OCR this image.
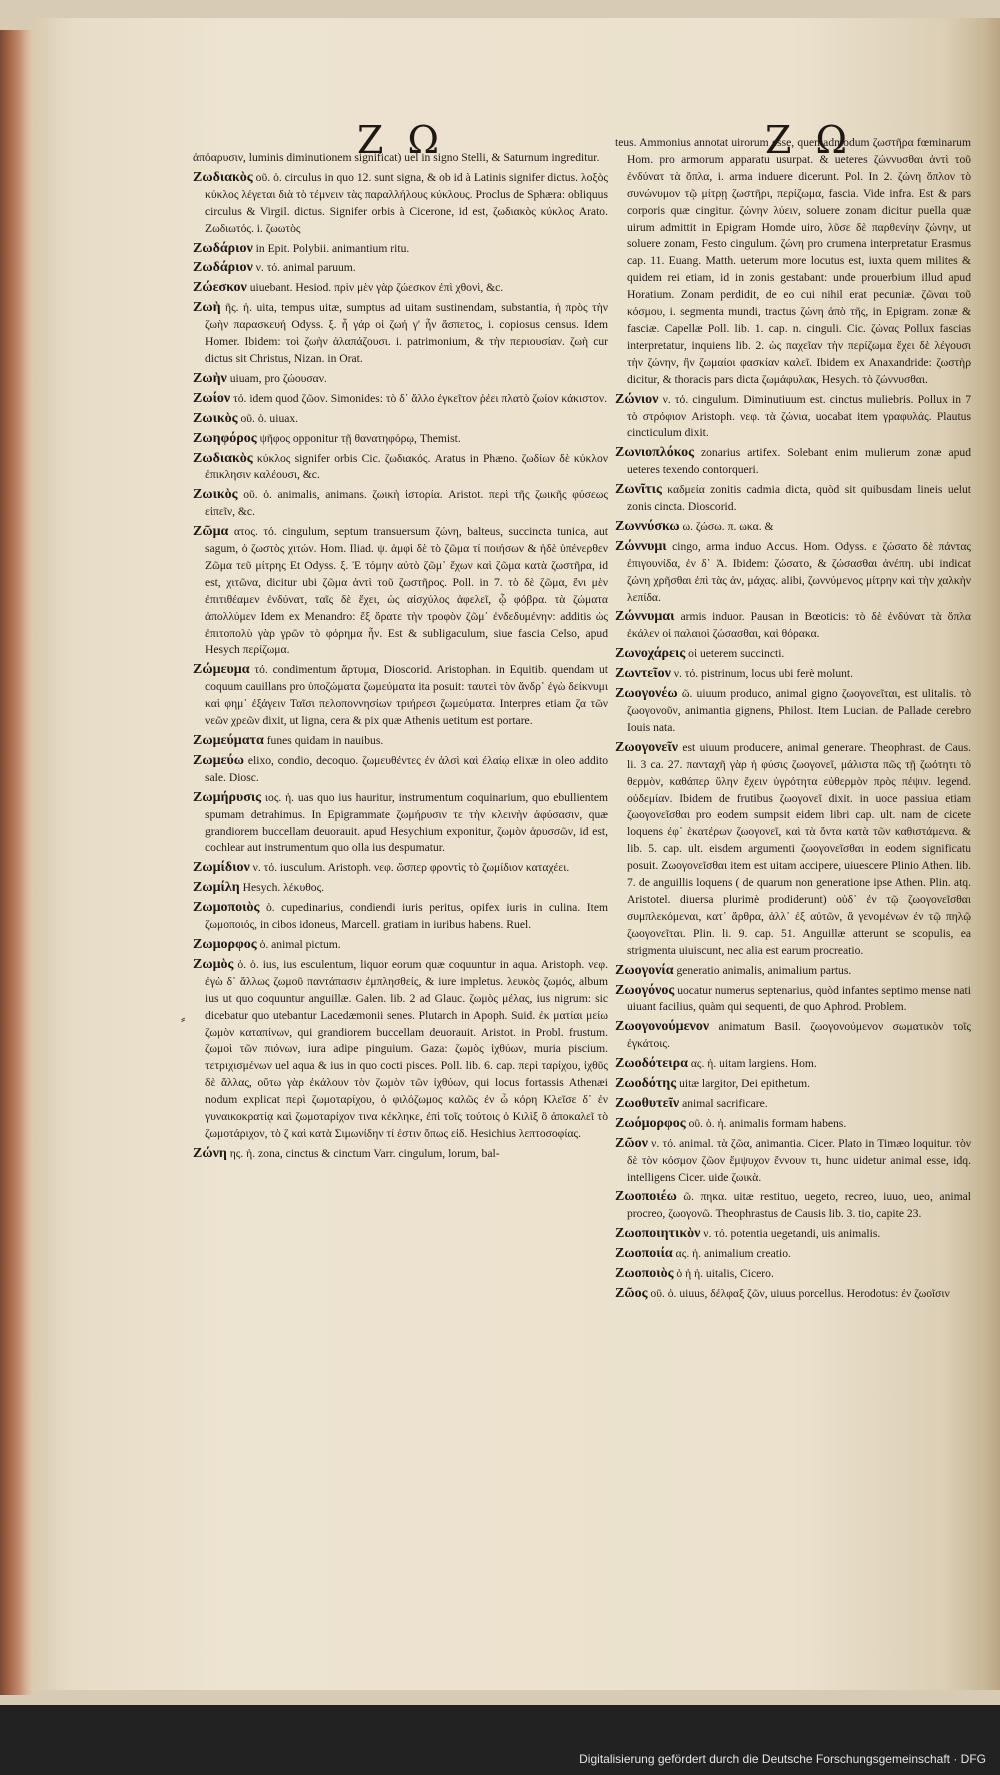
Z Ω	Z Ω
⸗
ἀπόαρυσιν, luminis diminutionem significat) uel in signo Stelli, & Saturnum ingreditur.
Ζωδιακὸς οῦ. ὁ. circulus in quo 12. sunt signa, & ob id à Latinis signifer dictus. λοξὸς κύκλος λέγεται διὰ τὸ τέμνειν τὰς παραλλήλους κύκλους. Proclus de Sphæra: obliquus circulus & Virgil. dictus. Signifer orbis à Cicerone, id est, ζωδιακὸς κύκλος Arato. Ζωδιωτός. i. ζωωτὸς
Ζωδάριον in Epit. Polybii. animantium ritu.
Ζωδάριον ν. τό. animal paruum.
Ζώεσκον uiuebant. Hesiod. πρὶν μὲν γὰρ ζώεσκον ἐπὶ χθονὶ, &c.
Ζωὴ ῆς. ἡ. uita, tempus uitæ, sumptus ad uitam sustinendam, substantia, ἡ πρὸς τὴν ζωὴν παρασκευή Odyss. ξ. ἦ γάρ οἱ ζωή γ' ἦν ἄσπετος, i. copiosus census. Idem Homer. Ibidem: τοὶ ζωὴν ἀλαπάζουσι. i. patrimonium, & τὴν περιουσίαν. ζωὴ cur dictus sit Christus, Nizan. in Orat.
Ζωὴν uiuam, pro ζώουσαν.
Ζωίον τό. idem quod ζῶον. Simonides: τὸ δ᾽ ἄλλο ἐγκεῖτον ῥέει πλατὸ ζωίον κάκιστον.
Ζωικὸς οῦ. ὁ. uiuax.
Ζωηφόρος ψῆφος opponitur τῇ θανατηφόρῳ, Themist.
Ζωδιακὸς κύκλος signifer orbis Cic. ζωδιακός. Aratus in Phæno. ζωδίων δὲ κύκλον ἐπικλησιν καλέουσι, &c.
Ζωικὸς οῦ. ὁ. animalis, animans. ζωικὴ ἱστορία. Aristot. περὶ τῆς ζωικῆς φύσεως εἰπεῖν, &c.
Ζῶμα ατος. τό. cingulum, septum transuersum ζώνη, balteus, succincta tunica, aut sagum, ὁ ζωστὸς χιτών. Hom. Iliad. ψ. ἀμφὶ δὲ τὸ ζῶμα τί ποιήσων & ἠδὲ ὑπένερθεν Ζῶμα τεῦ μίτρης Et Odyss. ξ. Ἐ τόμην αὐτὸ ζῶμ᾽ ἔχων καὶ ζῶμα κατὰ ζωστῆρα, id est, χιτῶνα, dicitur ubi ζῶμα ἀντὶ τοῦ ζωστῆρος. Poll. in 7. τὸ δὲ ζῶμα, ἔνι μὲν ἐπιτιθέαμεν ἐνδύνατ, ταῖς δὲ ἔχει, ὡς αἰσχύλος ἀφελεῖ, ᾧ φόβρα. τὰ ζώματα ἀπολλύμεν Idem ex Menandro: ἔξ ὅρατε τὴν τροφὸν ζῶμ᾽ ἐνδεδυμένην: additis ὡς ἐπιτοπολὺ γὰρ γρῶν τὸ φόρημα ἦν. Est & subligaculum, siue fascia Celso, apud Hesych περίζωμα.
Ζώμευμα τό. condimentum ἄρτυμα, Dioscorid. Aristophan. in Equitib. quendam ut coquum cauillans pro ὑποζώματα ζωμεύματα ita posuit: ταυτεὶ τὸν ἄνδρ᾽ ἐγὼ δείκνυμι καὶ φημ᾽ ἐξάγειν Ταῖσι πελοποννησίων τριήρεσι ζωμεύματα. Interpres etiam ζα τῶν νεῶν χρεῶν dixit, ut ligna, cera & pix quæ Athenis uetitum est portare.
Ζωμεύματα funes quidam in nauibus.
Ζωμεύω elixo, condio, decoquo. ζωμευθέντες ἐν ἁλσὶ καὶ ἐλαίῳ elixæ in oleo addito sale. Diosc.
Ζωμήρυσις ιος. ἡ. uas quo ius hauritur, instrumentum coquinarium, quo ebullientem spumam detrahimus. In Epigrammate ζωμήρυσιν τε τὴν κλεινὴν ἀφύσασιν, quæ grandiorem buccellam deuorauit. apud Hesychium exponitur, ζωμὸν ἀρυσσῶν, id est, cochlear aut instrumentum quo olla ius despumatur.
Ζωμίδιον ν. τό. iusculum. Aristoph. νεφ. ὥσπερ φροντὶς τὸ ζωμίδιον καταχέει.
Ζωμίλη Hesych. λέκυθος.
Ζωμοποιὸς ὁ. cupedinarius, condiendi iuris peritus, opifex iuris in culina. Item ζωμοποιός, in cibos idoneus, Marcell. gratiam in iuribus habens. Ruel.
Ζωμορφος ὁ. animal pictum.
Ζωμὸς ὁ. ὁ. ius, ius esculentum, liquor eorum quæ coquuntur in aqua. Aristoph. νεφ. ἐγὼ δ᾽ ἄλλως ζωμοῦ παντάπασιν ἐμπλησθείς, & iure impletus. λευκὸς ζωμός, album ius ut quo coquuntur anguillæ. Galen. lib. 2 ad Glauc. ζωμὸς μέλας, ius nigrum: sic dicebatur quo utebantur Lacedæmonii senes. Plutarch in Apoph. Suid. ἐκ ματίαι μείω ζωμὸν καταπίνων, qui grandiorem buccellam deuorauit. Aristot. in Probl. frustum. ζωμοὶ τῶν πιόνων, iura adipe pinguium. Gaza: ζωμὸς ἰχθύων, muria piscium. τετριχισμένων uel aqua & ius in quo cocti pisces. Poll. lib. 6. cap. περὶ ταρίχου, ἰχθῦς δὲ ἄλλας, οὕτω γὰρ ἐκάλουν τὸν ζωμὸν τῶν ἰχθύων, qui locus fortassis Athenæi nodum explicat περὶ ζωμοταρίχου, ὁ φιλόζωμος καλῶς ἐν ὦ κόρη Κλεῖσε δ᾽ ἐν γυναικοκρατίᾳ καὶ ζωμοταρίχον τινα κέκληκε, ἐπὶ τοῖς τούτοις ὁ Κιλὶξ ὃ ἀποκαλεῖ τὸ ζωμοτάριχον, τὸ ζ καὶ κατὰ Σιμωνίδην τί ἐστιν ὅπως εἰδ. Hesichius λεπτοσοφίας.
Ζώνη ης. ἡ. zona, cinctus & cinctum Varr. cingulum, lorum, bal-
teus. Ammonius annotat uirorum esse, quemadmodum ζωστῆρα fœminarum Hom. pro armorum apparatu usurpat. & ueteres ζώννυσθαι ἀντὶ τοῦ ἐνδύνατ τὰ ὅπλα, i. arma induere dicerunt. Pol. In 2. ζώνη ὅπλον τὸ συνώνυμον τῷ μίτρῃ ζωστῆρι, περίζωμα, fascia. Vide infra. Est & pars corporis quæ cingitur. ζώνην λύειν, soluere zonam dicitur puella quæ uirum admittit in Epigram Homde uiro, λῦσε δὲ παρθενίην ζώνην, ut soluere zonam, Festo cingulum. ζώνη pro crumena interpretatur Erasmus cap. 11. Euang. Matth. ueterum more locutus est, iuxta quem milites & quidem rei etiam, id in zonis gestabant: unde prouerbium illud apud Horatium. Zonam perdidit, de eo cui nihil erat pecuniæ. ζῶναι τοῦ κόσμου, i. segmenta mundi, tractus ζώνη ἀπὸ τῆς, in Epigram. zonæ & fasciæ. Capellæ Poll. lib. 1. cap. n. cinguli. Cic. ζώνας Pollux fascias interpretatur, inquiens lib. 2. ὡς παχεῖαν τὴν περίζωμα ἔχει δὲ λέγουσι τὴν ζώνην, ἢν ζωμαίοι φασκίαν καλεῖ. Ibidem ex Anaxandride: ζωστὴρ dicitur, & thoracis pars dicta ζωμάφυλακ, Hesych. τὸ ζώννυσθαι.
Ζώνιον ν. τό. cingulum. Diminutiuum est. cinctus muliebris. Pollux in 7 τὸ στρόφιον Aristoph. νεφ. τὰ ζώνια, uocabat item γραφυλάς. Plautus cincticulum dixit.
Ζωνιοπλόκος zonarius artifex. Solebant enim mulierum zonæ apud ueteres texendo contorqueri.
Ζωνῖτις καδμεία zonitis cadmia dicta, quòd sit quibusdam lineis uelut zonis cincta. Dioscorid.
Ζωννύσκω ω. ζώσω. π. ωκα. &
Ζώννυμι cingo, arma induo Accus. Hom. Odyss. ε ζώσατο δὲ πάντας ἐπιγουνίδα, ἐν δ᾽ Ἀ. Ibidem: ζώσατο, & ζώσασθαι ἀνέπη. ubi indicat ζώνη χρῆσθαι ἐπὶ τὰς ἀν, μάχας. alibi, ζωννύμενος μίτρην καὶ τὴν χαλκὴν λεπίδα.
Ζώννυμαι armis induor. Pausan in Bœoticis: τὸ δὲ ἐνδύνατ τὰ ὅπλα ἐκάλεν οἱ παλαιοὶ ζώσασθαι, καὶ θόρακα.
Ζωνοχάρεις οἱ ueterem succincti.
Ζωντεῖον ν. τό. pistrinum, locus ubi ferè molunt.
Ζωογονέω ῶ. uiuum produco, animal gigno ζωογονεῖται, est ulitalis. τὸ ζωογονοῦν, animantia gignens, Philost. Item Lucian. de Pallade cerebro Iouis nata.
Ζωογονεῖν est uiuum producere, animal generare. Theophrast. de Caus. li. 3 ca. 27. πανταχῆ γὰρ ἡ φύσις ζωογονεῖ, μάλιστα πῶς τῇ ζωότητι τὸ θερμὸν, καθάπερ ὕλην ἔχειν ὑγρότητα εὐθερμὸν πρὸς πέψιν. legend. οὐδεμίαν. Ibidem de frutibus ζωογονεῖ dixit. in uoce passiua etiam ζωογονεῖσθαι pro eodem sumpsit eidem libri cap. ult. nam de cicete loquens ἐφ᾽ ἑκατέρων ζωογονεῖ, καὶ τὰ ὄντα κατὰ τῶν καθιστάμενα. & lib. 5. cap. ult. eisdem argumenti ζωογονεῖσθαι in eodem significatu posuit. Ζωογονεῖσθαι item est uitam accipere, uiuescere Plinio Athen. lib. 7. de anguillis loquens ( de quarum non generatione ipse Athen. Plin. atq. Aristotel. diuersa plurimè prodiderunt) οὐδ᾽ ἐν τῷ ζωογονεῖσθαι συμπλεκόμεναι, κατ᾽ ἄρθρα, ἀλλ᾽ ἐξ αὐτῶν, ἃ γενομένων ἐν τῷ πηλῷ ζωογονεῖται. Plin. li. 9. cap. 51. Anguillæ atterunt se scopulis, ea strigmenta uiuiscunt, nec alia est earum procreatio.
Ζωογονία generatio animalis, animalium partus.
Ζωογόνος uocatur numerus septenarius, quòd infantes septimo mense nati uiuant facilius, quàm qui sequenti, de quo Aphrod. Problem.
Ζωογονούμενον animatum Basil. ζωογονούμενον σωματικὸν τοῖς ἐγκάτοις.
Ζωοδότειρα ας. ἡ. uitam largiens. Hom.
Ζωοδότης uitæ largitor, Dei epithetum.
Ζωοθυτεῖν animal sacrificare.
Ζωόμορφος οῦ. ὁ. ἡ. animalis formam habens.
Ζῶον ν. τό. animal. τὰ ζῶα, animantia. Cicer. Plato in Timæo loquitur. τὸν δὲ τὸν κόσμον ζῶον ἔμψυχον ἔννουν τι, hunc uidetur animal esse, idq. intelligens Cicer. uide ζωικὰ.
Ζωοποιέω ῶ. πηκα. uitæ restituo, uegeto, recreo, iuuo, ueo, animal procreo, ζωογονῶ. Theophrastus de Causis lib. 3. tio, capite 23.
Ζωοποιητικὸν ν. τό. potentia uegetandi, uis animalis.
Ζωοποιία ας. ἡ. animalium creatio.
Ζωοποιὸς ὁ ἡ ἡ. uitalis, Cicero.
Ζῶος οῦ. ὁ. uiuus, δέλφαξ ζῶν, uiuus porcellus. Herodotus: ἐν ζωοῖσιν
Digitalisierung gefördert durch die Deutsche Forschungsgemeinschaft · DFG
